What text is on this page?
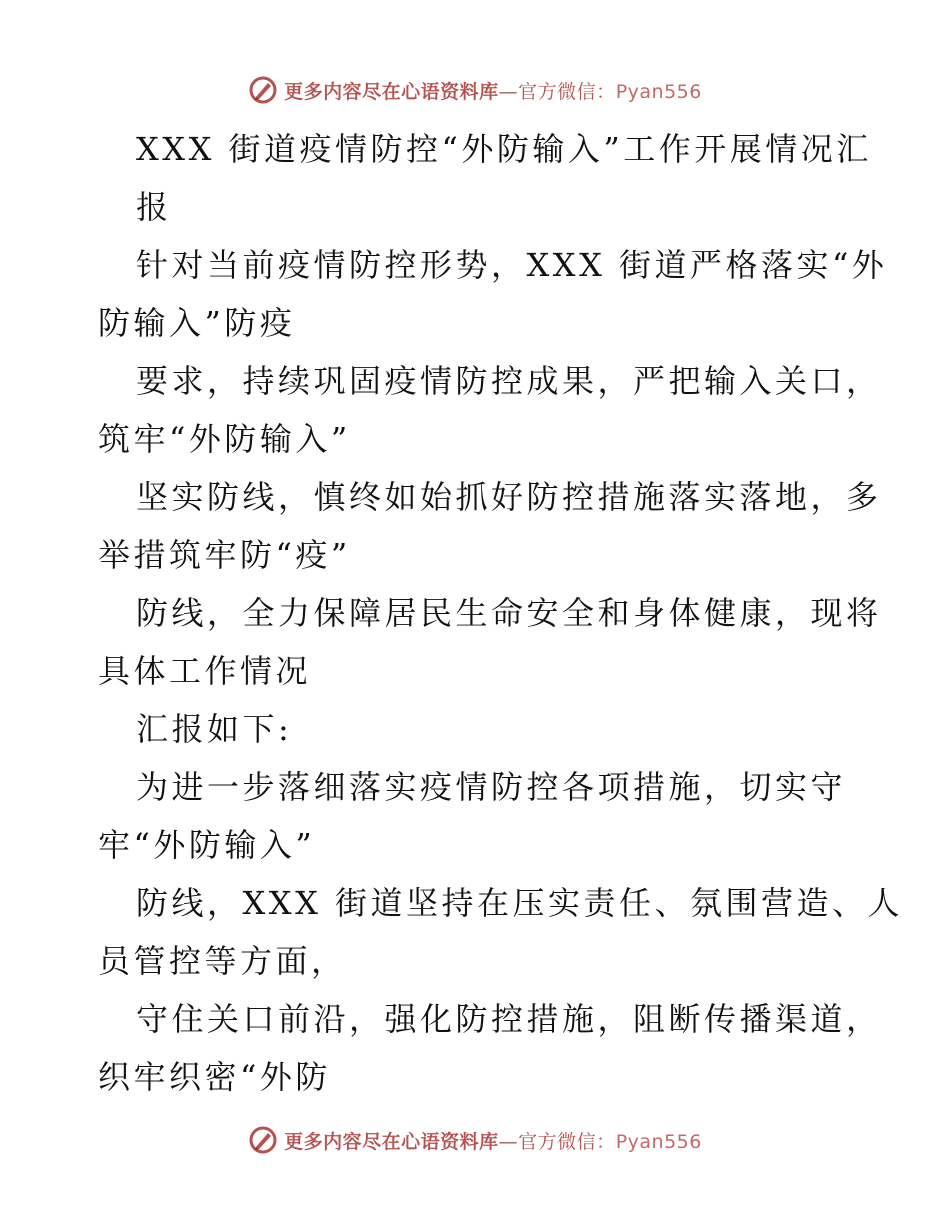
更多内容尽在心语资料库—官方微信：Pyan556
XXX 街道疫情防控“外防输入”工作开展情况汇
报
针对当前疫情防控形势，XXX 街道严格落实“外
防输入”防疫
要求，持续巩固疫情防控成果，严把输入关口，
筑牢“外防输入”
坚实防线，慎终如始抓好防控措施落实落地，多
举措筑牢防“疫”
防线，全力保障居民生命安全和身体健康，现将
具体工作情况
汇报如下:
为进一步落细落实疫情防控各项措施，切实守
牢“外防输入”
防线，XXX 街道坚持在压实责任、氛围营造、人
员管控等方面，
守住关口前沿，强化防控措施，阻断传播渠道，
织牢织密“外防
更多内容尽在心语资料库—官方微信：Pyan556
